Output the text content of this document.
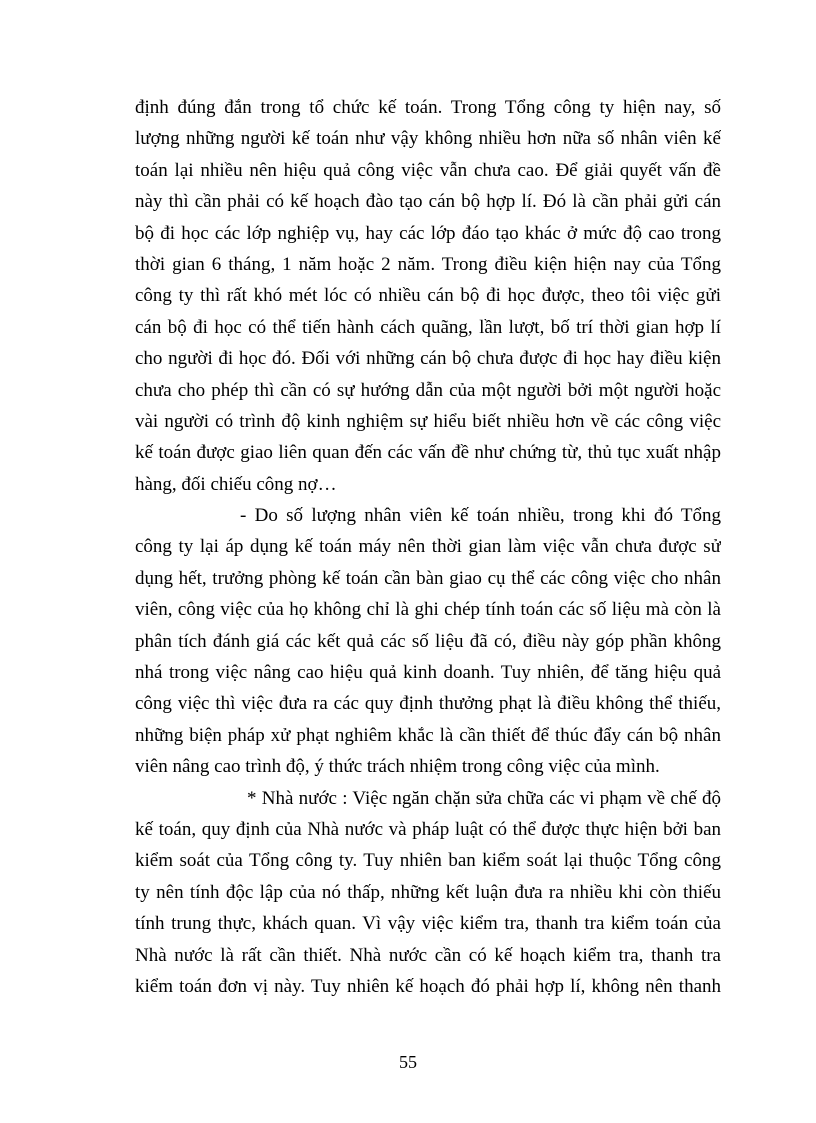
định đúng đắn trong tổ chức kế toán. Trong Tổng công ty hiện nay, số
lượng những người kế toán như vậy không nhiều hơn nữa số nhân viên kế
toán lại nhiều nên hiệu quả công việc vẫn chưa cao. Để giải quyết vấn đề
này thì cần phải có kế hoạch đào tạo cán bộ hợp lí. Đó là cần phải gửi cán
bộ đi học các lớp nghiệp vụ, hay các lớp đáo tạo khác ở mức độ cao trong
thời gian 6 tháng, 1 năm hoặc 2 năm. Trong điều kiện hiện nay của Tổng
công ty thì rất khó mét lóc có nhiều cán bộ đi học được, theo tôi việc gửi
cán bộ đi học có thể tiến hành cách quãng, lần lượt, bố trí thời gian hợp lí
cho người đi học đó. Đối với những cán bộ chưa được đi học hay điều kiện
chưa cho phép thì cần có sự hướng dẫn của một người bởi một người hoặc
vài người có trình độ kinh nghiệm sự hiểu biết nhiều hơn về các công việc
kế toán được giao liên quan đến các vấn đề như chứng từ, thủ tục xuất nhập
hàng, đối chiếu công nợ…
- Do số lượng nhân viên kế toán nhiều, trong khi đó Tổng
công ty lại áp dụng kế toán máy nên thời gian làm việc vẫn chưa được sử
dụng hết, trưởng phòng kế toán cần bàn giao cụ thể các công việc cho nhân
viên, công việc của họ không chỉ là ghi chép tính toán các số liệu mà còn là
phân tích đánh giá các kết quả các số liệu đã có, điều này góp phần không
nhá trong việc nâng cao hiệu quả kinh doanh. Tuy nhiên, để tăng hiệu quả
công việc thì việc đưa ra các quy định thưởng phạt là điều không thể thiếu,
những biện pháp xử phạt nghiêm khắc là cần thiết để thúc đẩy cán bộ nhân
viên nâng cao trình độ, ý thức trách nhiệm trong công việc của mình.
* Nhà nước : Việc ngăn chặn sửa chữa các vi phạm về chế độ
kế toán, quy định của Nhà nước và pháp luật có thể được thực hiện bởi ban
kiểm soát của Tổng công ty. Tuy nhiên ban kiểm soát lại thuộc Tổng công
ty nên tính độc lập của nó thấp, những kết luận đưa ra nhiều khi còn thiếu
tính trung thực, khách quan. Vì vậy việc kiểm tra, thanh tra kiểm toán của
Nhà nước là rất cần thiết. Nhà nước cần có kế hoạch kiểm tra, thanh tra
kiểm toán đơn vị này. Tuy nhiên kế hoạch đó phải hợp lí, không nên thanh
55
